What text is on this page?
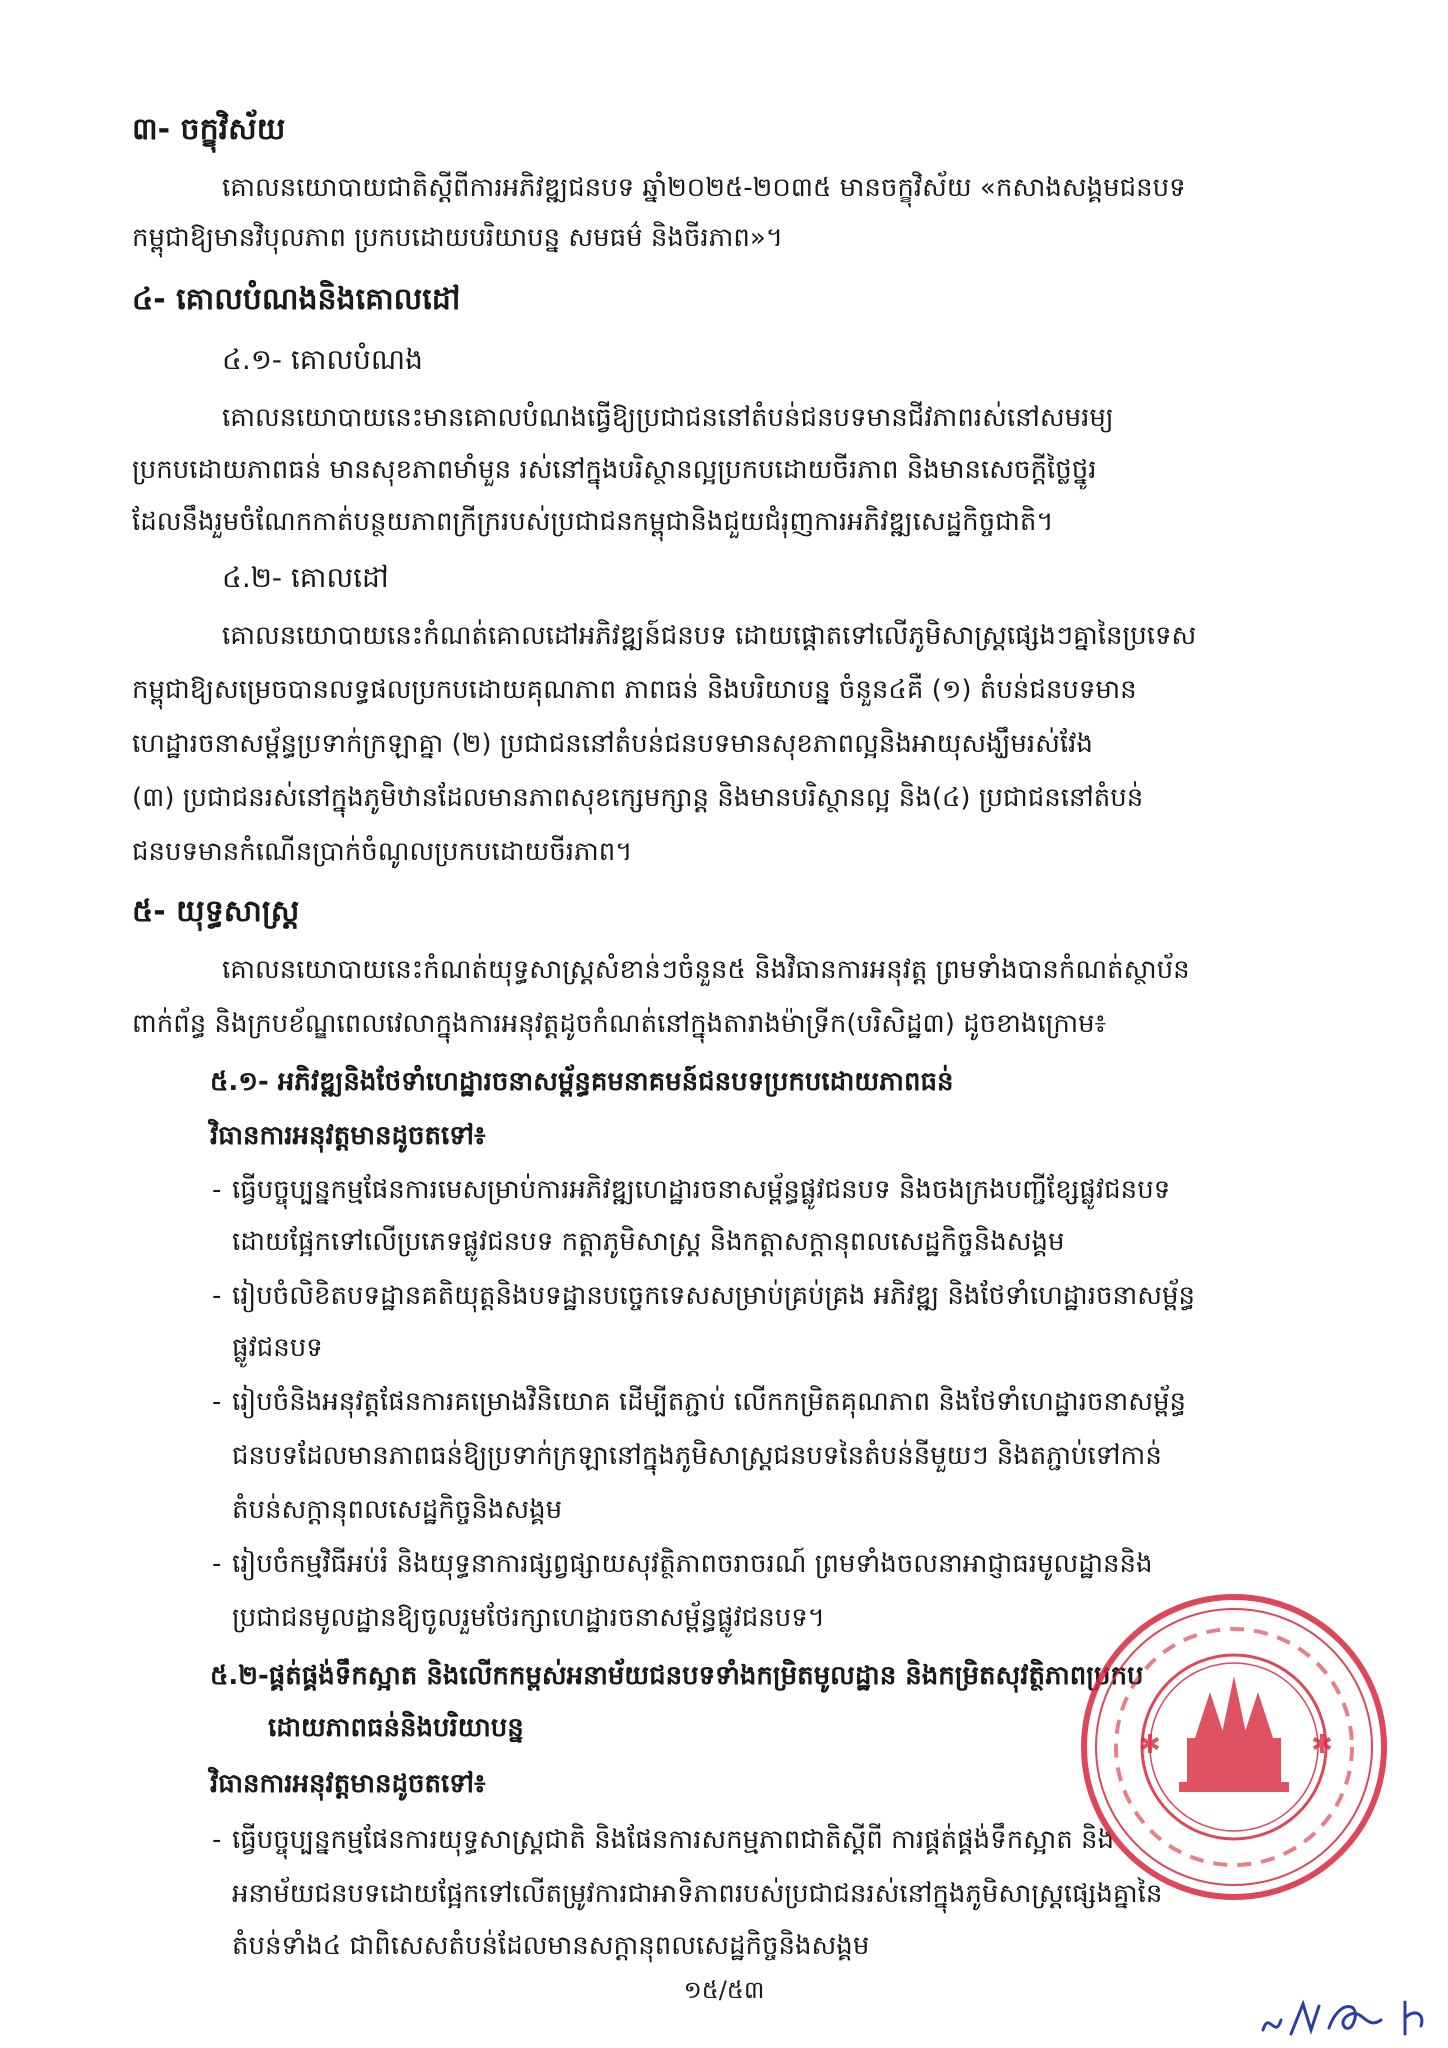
៣- ចក្ខុវិស័យ
គោលនយោបាយជាតិស្ដីពីការអភិវឌ្ឍជនបទ ឆ្នាំ២០២៥-២០៣៥ មានចក្ខុវិស័យ «កសាងសង្គមជនបទ
កម្ពុជាឱ្យមានវិបុលភាព ប្រកបដោយបរិយាបន្ន សមធម៌ និងចីរភាព»។
៤- គោលបំណងនិងគោលដៅ
៤.១- គោលបំណង
គោលនយោបាយនេះមានគោលបំណងធ្វើឱ្យប្រជាជននៅតំបន់ជនបទមានជីវភាពរស់នៅសមរម្យ
ប្រកបដោយភាពធន់ មានសុខភាពមាំមួន រស់នៅក្នុងបរិស្ថានល្អប្រកបដោយចីរភាព និងមានសេចក្ដីថ្លៃថ្នូរ
ដែលនឹងរួមចំណែកកាត់បន្ថយភាពក្រីក្ររបស់ប្រជាជនកម្ពុជានិងជួយជំរុញការអភិវឌ្ឍសេដ្ឋកិច្ចជាតិ។
៤.២- គោលដៅ
គោលនយោបាយនេះកំណត់គោលដៅអភិវឌ្ឍន៍ជនបទ ដោយផ្ដោតទៅលើភូមិសាស្ត្រផ្សេងៗគ្នានៃប្រទេស
កម្ពុជាឱ្យសម្រេចបានលទ្ធផលប្រកបដោយគុណភាព ភាពធន់ និងបរិយាបន្ន ចំនួន៤គឺ (១) តំបន់ជនបទមាន
ហេដ្ឋារចនាសម្ព័ន្ធប្រទាក់ក្រឡាគ្នា (២) ប្រជាជននៅតំបន់ជនបទមានសុខភាពល្អនិងអាយុសង្ឃឹមរស់វែង
(៣) ប្រជាជនរស់នៅក្នុងភូមិឋានដែលមានភាពសុខក្សេមក្សាន្ត និងមានបរិស្ថានល្អ និង(៤) ប្រជាជននៅតំបន់
ជនបទមានកំណើនប្រាក់ចំណូលប្រកបដោយចីរភាព។
៥- យុទ្ធសាស្ត្រ
គោលនយោបាយនេះកំណត់យុទ្ធសាស្ត្រសំខាន់ៗចំនួន៥ និងវិធានការអនុវត្ត ព្រមទាំងបានកំណត់ស្ថាប័ន
ពាក់ព័ន្ធ និងក្របខ័ណ្ឌពេលវេលាក្នុងការអនុវត្តដូចកំណត់នៅក្នុងតារាងម៉ាទ្រីក(បរិសិដ្ឋ៣) ដូចខាងក្រោម៖
៥.១- អភិវឌ្ឍនិងថែទាំហេដ្ឋារចនាសម្ព័ន្ធគមនាគមន៍ជនបទប្រកបដោយភាពធន់
វិធានការអនុវត្តមានដូចតទៅ៖
- ធ្វើបច្ចុប្បន្នកម្មផែនការមេសម្រាប់ការអភិវឌ្ឍហេដ្ឋារចនាសម្ព័ន្ធផ្លូវជនបទ និងចងក្រងបញ្ជីខ្សែផ្លូវជនបទ
ដោយផ្អែកទៅលើប្រភេទផ្លូវជនបទ កត្តាភូមិសាស្ត្រ និងកត្តាសក្ដានុពលសេដ្ឋកិច្ចនិងសង្គម
- រៀបចំលិខិតបទដ្ឋានគតិយុត្តនិងបទដ្ឋានបច្ចេកទេសសម្រាប់គ្រប់គ្រង អភិវឌ្ឍ និងថែទាំហេដ្ឋារចនាសម្ព័ន្ធ
ផ្លូវជនបទ
- រៀបចំនិងអនុវត្តផែនការគម្រោងវិនិយោគ ដើម្បីតភ្ជាប់ លើកកម្រិតគុណភាព និងថែទាំហេដ្ឋារចនាសម្ព័ន្ធ
ជនបទដែលមានភាពធន់ឱ្យប្រទាក់ក្រឡានៅក្នុងភូមិសាស្ត្រជនបទនៃតំបន់នីមួយៗ និងតភ្ជាប់ទៅកាន់
តំបន់សក្ដានុពលសេដ្ឋកិច្ចនិងសង្គម
- រៀបចំកម្មវិធីអប់រំ និងយុទ្ធនាការផ្សព្វផ្សាយសុវត្ថិភាពចរាចរណ៍ ព្រមទាំងចលនាអាជ្ញាធរមូលដ្ឋាននិង
ប្រជាជនមូលដ្ឋានឱ្យចូលរួមថែរក្សាហេដ្ឋារចនាសម្ព័ន្ធផ្លូវជនបទ។
៥.២-ផ្គត់ផ្គង់ទឹកស្អាត និងលើកកម្ពស់អនាម័យជនបទទាំងកម្រិតមូលដ្ឋាន និងកម្រិតសុវត្ថិភាពប្រកប
ដោយភាពធន់និងបរិយាបន្ន
វិធានការអនុវត្តមានដូចតទៅ៖
- ធ្វើបច្ចុប្បន្នកម្មផែនការយុទ្ធសាស្ត្រជាតិ និងផែនការសកម្មភាពជាតិស្ដីពី ការផ្គត់ផ្គង់ទឹកស្អាត និង
អនាម័យជនបទដោយផ្អែកទៅលើតម្រូវការជាអាទិភាពរបស់ប្រជាជនរស់នៅក្នុងភូមិសាស្ត្រផ្សេងគ្នានៃ
តំបន់ទាំង៤ ជាពិសេសតំបន់ដែលមានសក្ដានុពលសេដ្ឋកិច្ចនិងសង្គម
១៥/៥៣
✱	✱
